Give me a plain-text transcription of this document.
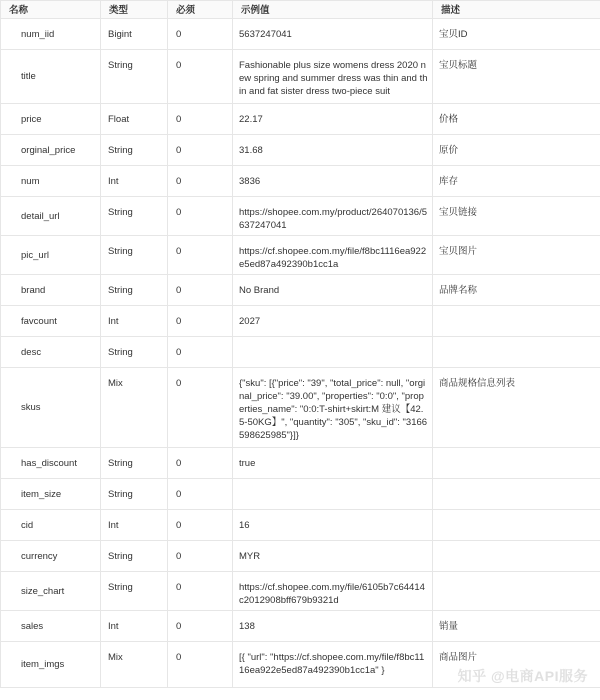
名称	类型	必须	示例值	描述
num_iid	Bigint	0	5637247041	宝贝ID
title	String	0	Fashionable plus size womens dress 2020 new spring and summer dress was thin and thin and fat sister dress two-piece suit	宝贝标题
price	Float	0	22.17	价格
orginal_price	String	0	31.68	原价
num	Int	0	3836	库存
detail_url	String	0	https://shopee.com.my/product/264070136/5637247041	宝贝链接
pic_url	String	0	https://cf.shopee.com.my/file/f8bc1116ea922e5ed87a492390b1cc1a	宝贝图片
brand	String	0	No Brand	品牌名称
favcount	Int	0	2027	
desc	String	0		
skus	Mix	0	{"sku": [{"price": "39", "total_price": null, "orginal_price": "39.00", "properties": "0:0", "properties_name": "0:0:T-shirt+skirt:M 建议【42.5-50KG】", "quantity": "305", "sku_id": "3166598625985"}]}	商品规格信息列表
has_discount	String	0	true	
item_size	String	0		
cid	Int	0	16	
currency	String	0	MYR	
size_chart	String	0	https://cf.shopee.com.my/file/6105b7c64414c2012908bff679b9321d	
sales	Int	0	138	销量
item_imgs	Mix	0	[{ "url": "https://cf.shopee.com.my/file/f8bc1116ea922e5ed87a492390b1cc1a" }	商品图片
知乎 @电商API服务
